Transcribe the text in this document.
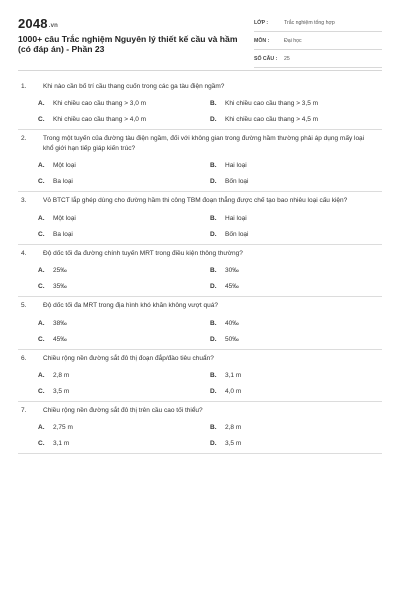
2048.vn
1000+ câu Trắc nghiệm Nguyên lý thiết kế cầu và hầm (có đáp án) - Phần 23
LỚP :	Trắc nghiệm tổng hợp
MÔN :	Đại học
SỐ CÂU :	25
1.	Khi nào cần bố trí cầu thang cuốn trong các ga tàu điện ngầm?
A.	Khi chiều cao cầu thang > 3,0 m	B.	Khi chiều cao cầu thang > 3,5 m
C.	Khi chiều cao cầu thang > 4,0 m	D.	Khi chiều cao cầu thang > 4,5 m
2.	Trong một tuyến của đường tàu điện ngầm, đối với không gian trong đường hầm thường phải áp dụng mấy loại khổ giới hạn tiếp giáp kiến trúc?
A.	Một loại	B.	Hai loại
C.	Ba loại	D.	Bốn loại
3.	Vỏ BTCT lắp ghép dùng cho đường hầm thi công TBM đoạn thẳng được chế tạo bao nhiêu loại cấu kiện?
A.	Một loại	B.	Hai loại
C.	Ba loại	D.	Bốn loại
4.	Độ dốc tối đa đường chính tuyến MRT trong điều kiện thông thường?
A.	25‰	B.	30‰
C.	35‰	D.	45‰
5.	Độ dốc tối đa MRT trong địa hình khó khăn không vượt quá?
A.	38‰	B.	40‰
C.	45‰	D.	50‰
6.	Chiều rộng nền đường sắt đô thị đoạn đắp/đào tiêu chuẩn?
A.	2,8 m	B.	3,1 m
C.	3,5 m	D.	4,0 m
7.	Chiều rộng nền đường sắt đô thị trên cầu cao tối thiểu?
A.	2,75 m	B.	2,8 m
C.	3,1 m	D.	3,5 m
